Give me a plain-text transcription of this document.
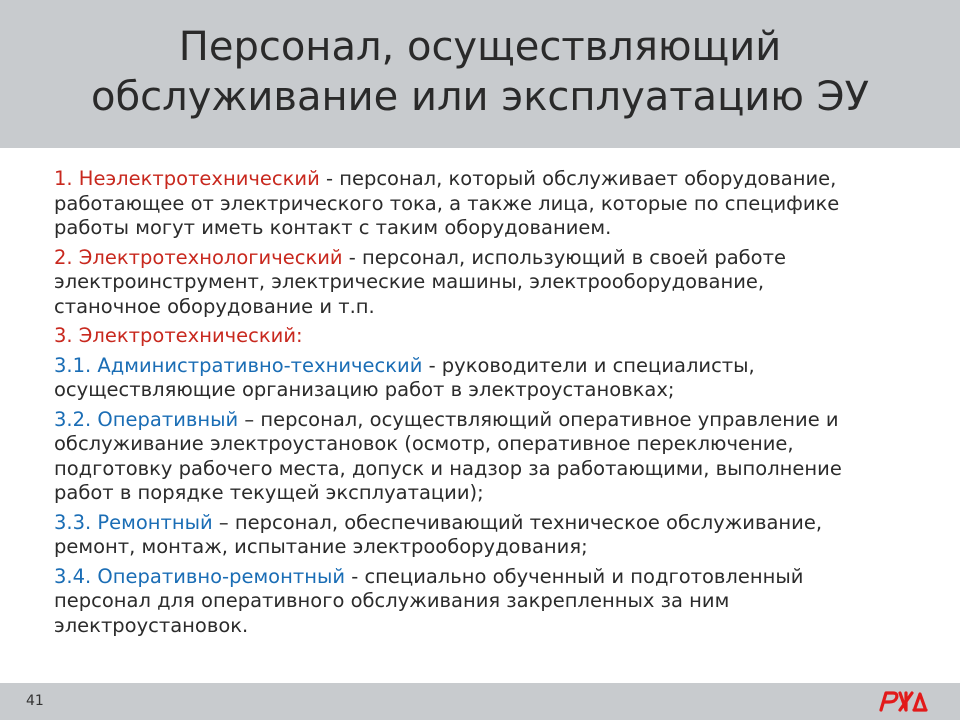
Персонал, осуществляющий
обслуживание или эксплуатацию ЭУ

1. Неэлектротехнический - персонал, который обслуживает оборудование,
работающее от электрического тока, а также лица, которые по специфике
работы могут иметь контакт с таким оборудованием.

2. Электротехнологический - персонал, использующий в своей работе
электроинструмент, электрические машины, электрооборудование,
станочное оборудование и т.п.

3. Электротехнический:

3.1. Административно-технический - руководители и специалисты,
осуществляющие организацию работ в электроустановках;

3.2. Оперативный – персонал, осуществляющий оперативное управление и
обслуживание электроустановок (осмотр, оперативное переключение,
подготовку рабочего места, допуск и надзор за работающими, выполнение
работ в порядке текущей эксплуатации);

3.3. Ремонтный – персонал, обеспечивающий техническое обслуживание,
ремонт, монтаж, испытание электрооборудования;

3.4. Оперативно-ремонтный - специально обученный и подготовленный
персонал для оперативного обслуживания закрепленных за ним
электроустановок.

41
